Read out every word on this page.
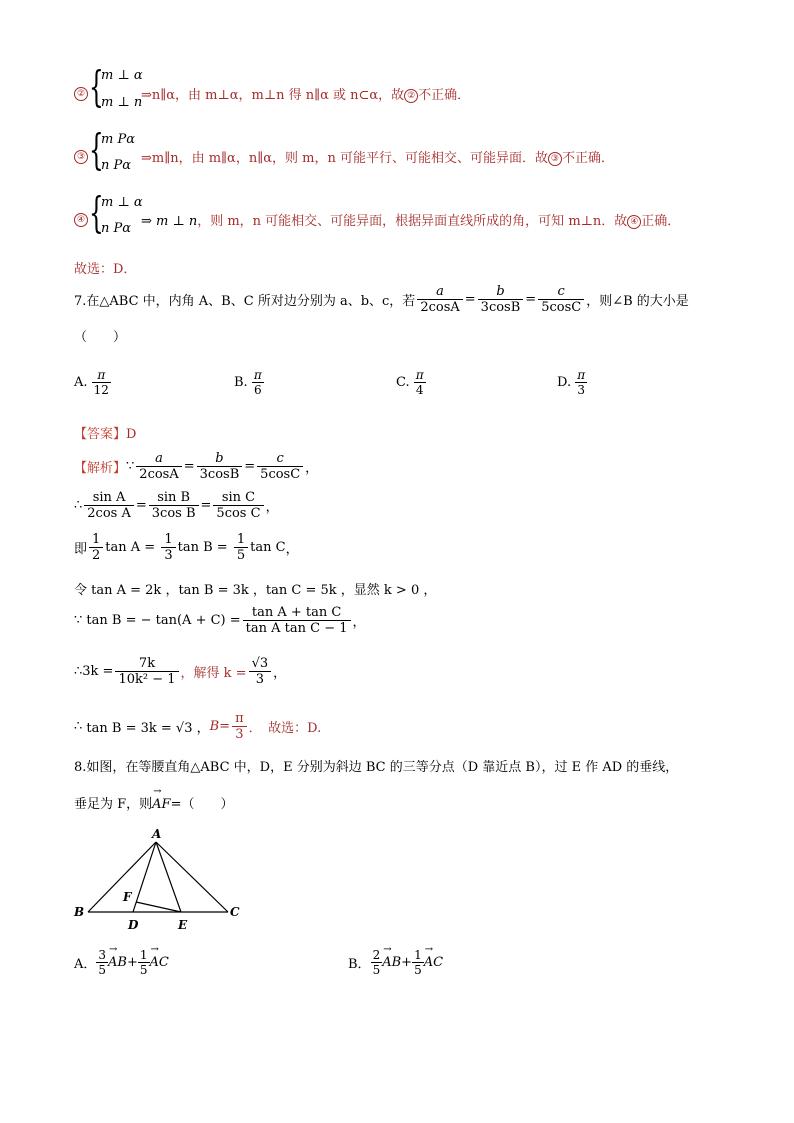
② {
m ⊥ α
m ⊥ n
⇒n∥α，由 m⊥α，m⊥n 得 n∥α 或 n⊂α，故 ② 不正确．
③ {
m Pα
n Pα ⇒m∥n，由 m∥α，n∥α，则 m，n 可能平行、可能相交、可能异面．故 ③ 不正确．
④ {
m ⊥ α
n Pα ⇒ m ⊥ n，则 m，n 可能相交、可能异面，根据异面直线所成的角，可知 m⊥n．故 ④ 正确．
故选：D．
7.在△ABC 中，内角 A、B、C 所对边分别为 a、b、c，若 $\frac{a}{2\cos A} = \frac{b}{3\cos B} = \frac{c}{5\cos C}$ ，则∠B 的大小是
（　　）
A.
$\frac{\pi}{12}$	B.
$\frac{\pi}{6}$	C.
$\frac{\pi}{4}$	D.
$\frac{\pi}{3}$
【答案】D
【解析】 ∵ $\frac{a}{2\cos A} = \frac{b}{3\cos B} = \frac{c}{5\cos C}$ ，
∴ $\frac{\text{sin A}}{\text{2cos A}} = \frac{\text{sin B}}{\text{3cos B}} = \frac{\text{sin C}}{\text{5cos C}}$ ，
即 $\frac{1}{2}$ $\tan A = \frac{1}{3}$ $\tan B = \frac{1}{5}$ tan C ，
令 tan A = 2k ，tan B = 3k ，tan C = 5k ，显然 k > 0 ，
∵
tan B = − $\tan(A + C) = \frac{\text{tan A + tan C}}{\text{tan A tan C − 1}}$ ，
∴ $3k = \frac{7k}{\text{10k² − 1}}$ ，解得 $k = \frac{√3}{3}$ ，
∴
tan B = 3k = √3 ， $B= \frac{\pi}{3}$ ．　故选：D.
8.如图，在等腰直角△ABC 中，D，E 分别为斜边 BC 的三等分点（D 靠近点 B），过 E 作 AD 的垂线，
垂足为 F，则→ AF=（　　）
A
B	C
D	E
F
A． $\frac{3}{5}$ → AB + $\frac{1}{5}$ → AC	B． $\frac{2}{5}$ → AB + $\frac{1}{5}$ → AC
